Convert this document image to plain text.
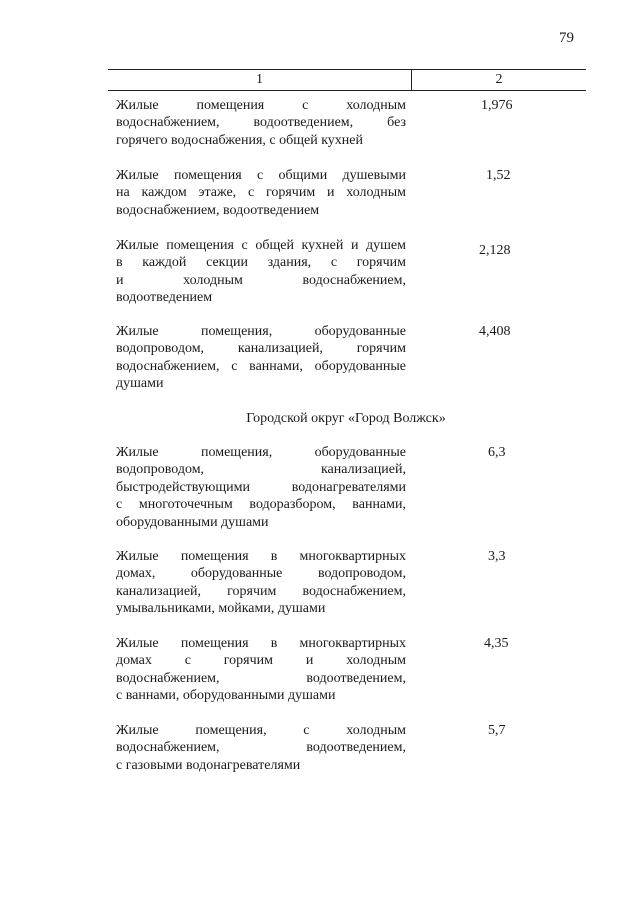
79
1	2
Жилые помещения с холодным
водоснабжением, водоотведением, без
горячего водоснабжения, с общей кухней
1,976
Жилые помещения с общими душевыми
на каждом этаже, с горячим и холодным
водоснабжением, водоотведением
1,52
Жилые помещения с общей кухней и душем
в каждой секции здания, с горячим
и холодным водоснабжением,
водоотведением
2,128
Жилые помещения, оборудованные
водопроводом, канализацией, горячим
водоснабжением, с ваннами, оборудованные
душами
4,408
Городской округ «Город Волжск»
Жилые помещения, оборудованные
водопроводом, канализацией,
быстродействующими водонагревателями
с многоточечным водоразбором, ваннами,
оборудованными душами
6,3
Жилые помещения в многоквартирных
домах, оборудованные водопроводом,
канализацией, горячим водоснабжением,
умывальниками, мойками, душами
3,3
Жилые помещения в многоквартирных
домах с горячим и холодным
водоснабжением, водоотведением,
с ваннами, оборудованными душами
4,35
Жилые помещения, с холодным
водоснабжением, водоотведением,
с газовыми водонагревателями
5,7
